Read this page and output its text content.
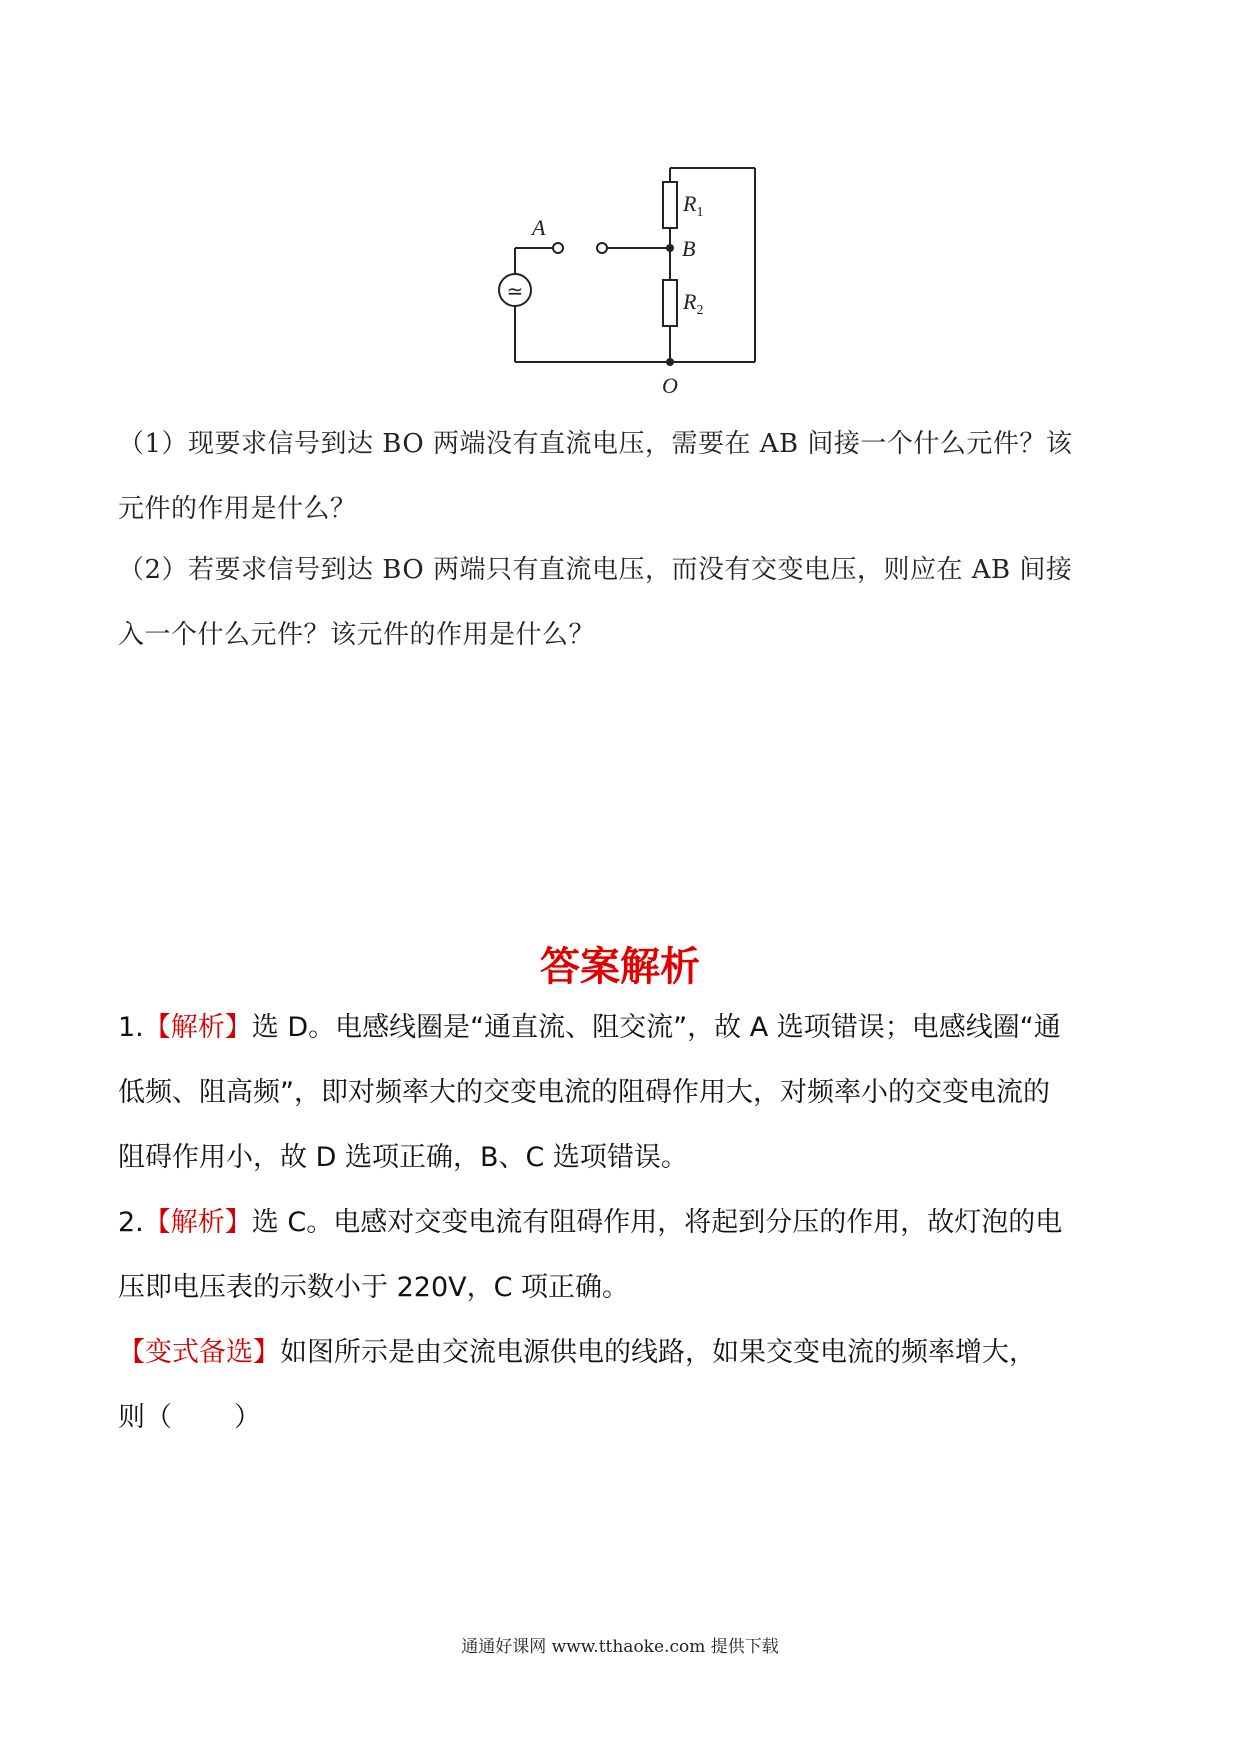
≃
A
B
O
$R_1$
$R_2$

（1）现要求信号到达 BO 两端没有直流电压，需要在 AB 间接一个什么元件？该

元件的作用是什么？

（2）若要求信号到达 BO 两端只有直流电压，而没有交变电压，则应在 AB 间接

入一个什么元件？该元件的作用是什么？

答案解析

1.【解析】选 D。电感线圈是“通直流、阻交流”，故 A 选项错误；电感线圈“通

低频、阻高频”，即对频率大的交变电流的阻碍作用大，对频率小的交变电流的

阻碍作用小，故 D 选项正确，B、C 选项错误。

2.【解析】选 C。电感对交变电流有阻碍作用，将起到分压的作用，故灯泡的电

压即电压表的示数小于 220V，C 项正确。

【变式备选】如图所示是由交流电源供电的线路，如果交变电流的频率增大，

则（ ）

通通好课网 www.tthaoke.com 提供下载
